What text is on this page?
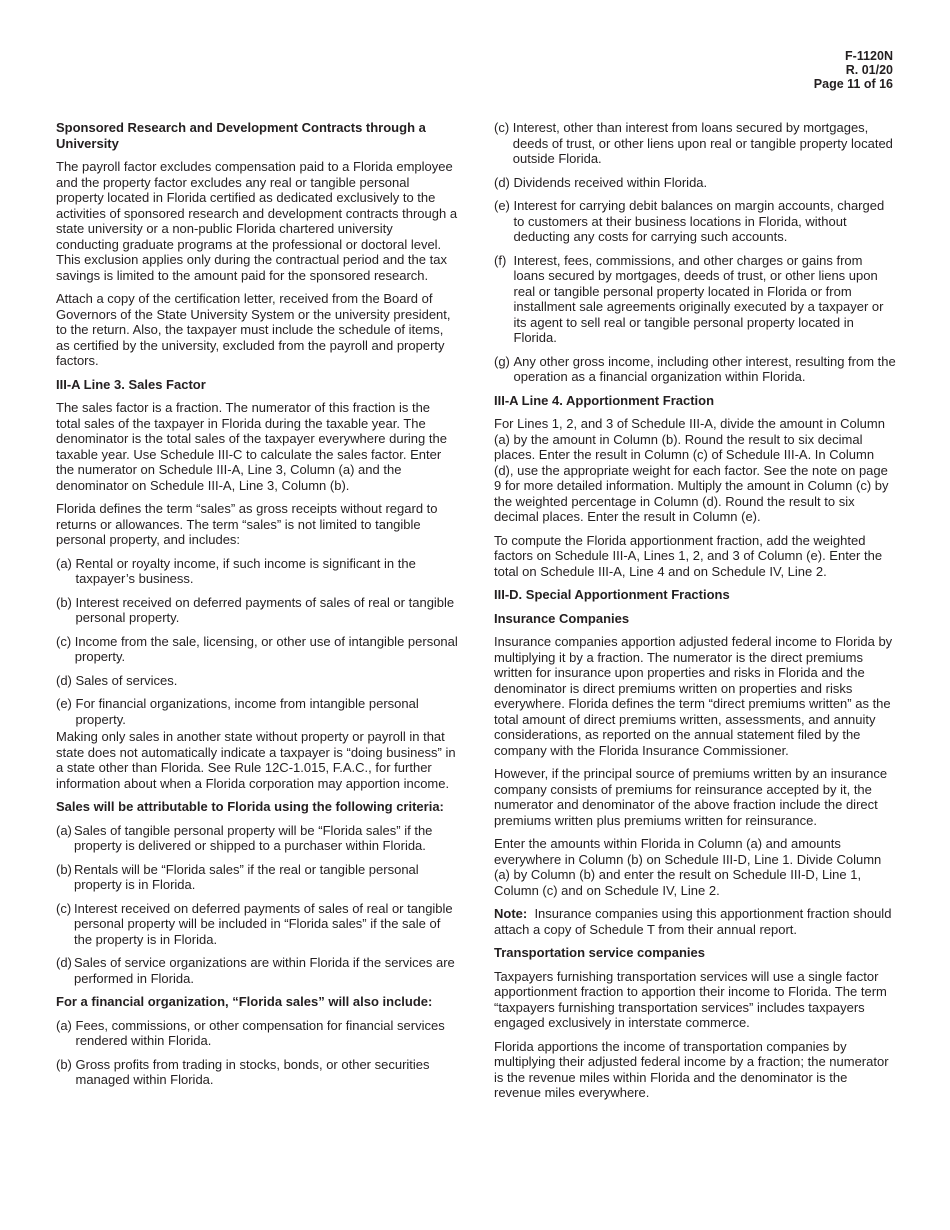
F-1120N
R. 01/20
Page 11 of 16
Sponsored Research and Development Contracts through a University

The payroll factor excludes compensation paid to a Florida employee and the property factor excludes any real or tangible personal property located in Florida certified as dedicated exclusively to the activities of sponsored research and development contracts through a state university or a non-public Florida chartered university conducting graduate programs at the professional or doctoral level. This exclusion applies only during the contractual period and the tax savings is limited to the amount paid for the sponsored research.

Attach a copy of the certification letter, received from the Board of Governors of the State University System or the university president, to the return. Also, the taxpayer must include the schedule of items, as certified by the university, excluded from the payroll and property factors.

III-A Line 3. Sales Factor

The sales factor is a fraction. The numerator of this fraction is the total sales of the taxpayer in Florida during the taxable year. The denominator is the total sales of the taxpayer everywhere during the taxable year. Use Schedule III-C to calculate the sales factor. Enter the numerator on Schedule III-A, Line 3, Column (a) and the denominator on Schedule III-A, Line 3, Column (b).

Florida defines the term “sales” as gross receipts without regard to returns or allowances. The term “sales” is not limited to tangible personal property, and includes:

(a) Rental or royalty income, if such income is significant in the taxpayer’s business.
(b) Interest received on deferred payments of sales of real or tangible personal property.
(c) Income from the sale, licensing, or other use of intangible personal property.
(d) Sales of services.
(e) For financial organizations, income from intangible personal property.

Making only sales in another state without property or payroll in that state does not automatically indicate a taxpayer is “doing business” in a state other than Florida. See Rule 12C-1.015, F.A.C., for further information about when a Florida corporation may apportion income.

Sales will be attributable to Florida using the following criteria:
(a) Sales of tangible personal property will be “Florida sales” if the property is delivered or shipped to a purchaser within Florida.
(b) Rentals will be “Florida sales” if the real or tangible personal property is in Florida.
(c) Interest received on deferred payments of sales of real or tangible personal property will be included in “Florida sales” if the sale of the property is in Florida.
(d) Sales of service organizations are within Florida if the services are performed in Florida.
For a financial organization, “Florida sales” will also include:
(a) Fees, commissions, or other compensation for financial services rendered within Florida.
(b) Gross profits from trading in stocks, bonds, or other securities managed within Florida.
(c) Interest, other than interest from loans secured by mortgages, deeds of trust, or other liens upon real or tangible property located outside Florida.
(d) Dividends received within Florida.
(e) Interest for carrying debit balances on margin accounts, charged to customers at their business locations in Florida, without deducting any costs for carrying such accounts.
(f) Interest, fees, commissions, and other charges or gains from loans secured by mortgages, deeds of trust, or other liens upon real or tangible personal property located in Florida or from installment sale agreements originally executed by a taxpayer or its agent to sell real or tangible personal property located in Florida.
(g) Any other gross income, including other interest, resulting from the operation as a financial organization within Florida.
III-A Line 4. Apportionment Fraction

For Lines 1, 2, and 3 of Schedule III-A, divide the amount in Column (a) by the amount in Column (b). Round the result to six decimal places. Enter the result in Column (c) of Schedule III-A. In Column (d), use the appropriate weight for each factor. See the note on page 9 for more detailed information. Multiply the amount in Column (c) by the weighted percentage in Column (d). Round the result to six decimal places. Enter the result in Column (e).

To compute the Florida apportionment fraction, add the weighted factors on Schedule III-A, Lines 1, 2, and 3 of Column (e). Enter the total on Schedule III-A, Line 4 and on Schedule IV, Line 2.

III-D. Special Apportionment Fractions
Insurance Companies

Insurance companies apportion adjusted federal income to Florida by multiplying it by a fraction. The numerator is the direct premiums written for insurance upon properties and risks in Florida and the denominator is direct premiums written on properties and risks everywhere. Florida defines the term “direct premiums written” as the total amount of direct premiums written, assessments, and annuity considerations, as reported on the annual statement filed by the company with the Florida Insurance Commissioner.

However, if the principal source of premiums written by an insurance company consists of premiums for reinsurance accepted by it, the numerator and denominator of the above fraction include the direct premiums written plus premiums written for reinsurance.

Enter the amounts within Florida in Column (a) and amounts everywhere in Column (b) on Schedule III-D, Line 1. Divide Column (a) by Column (b) and enter the result on Schedule III-D, Line 1, Column (c) and on Schedule IV, Line 2.

Note:  Insurance companies using this apportionment fraction should attach a copy of Schedule T from their annual report.

Transportation service companies

Taxpayers furnishing transportation services will use a single factor apportionment fraction to apportion their income to Florida. The term “taxpayers furnishing transportation services” includes taxpayers engaged exclusively in interstate commerce.

Florida apportions the income of transportation companies by multiplying their adjusted federal income by a fraction; the numerator is the revenue miles within Florida and the denominator is the revenue miles everywhere.
